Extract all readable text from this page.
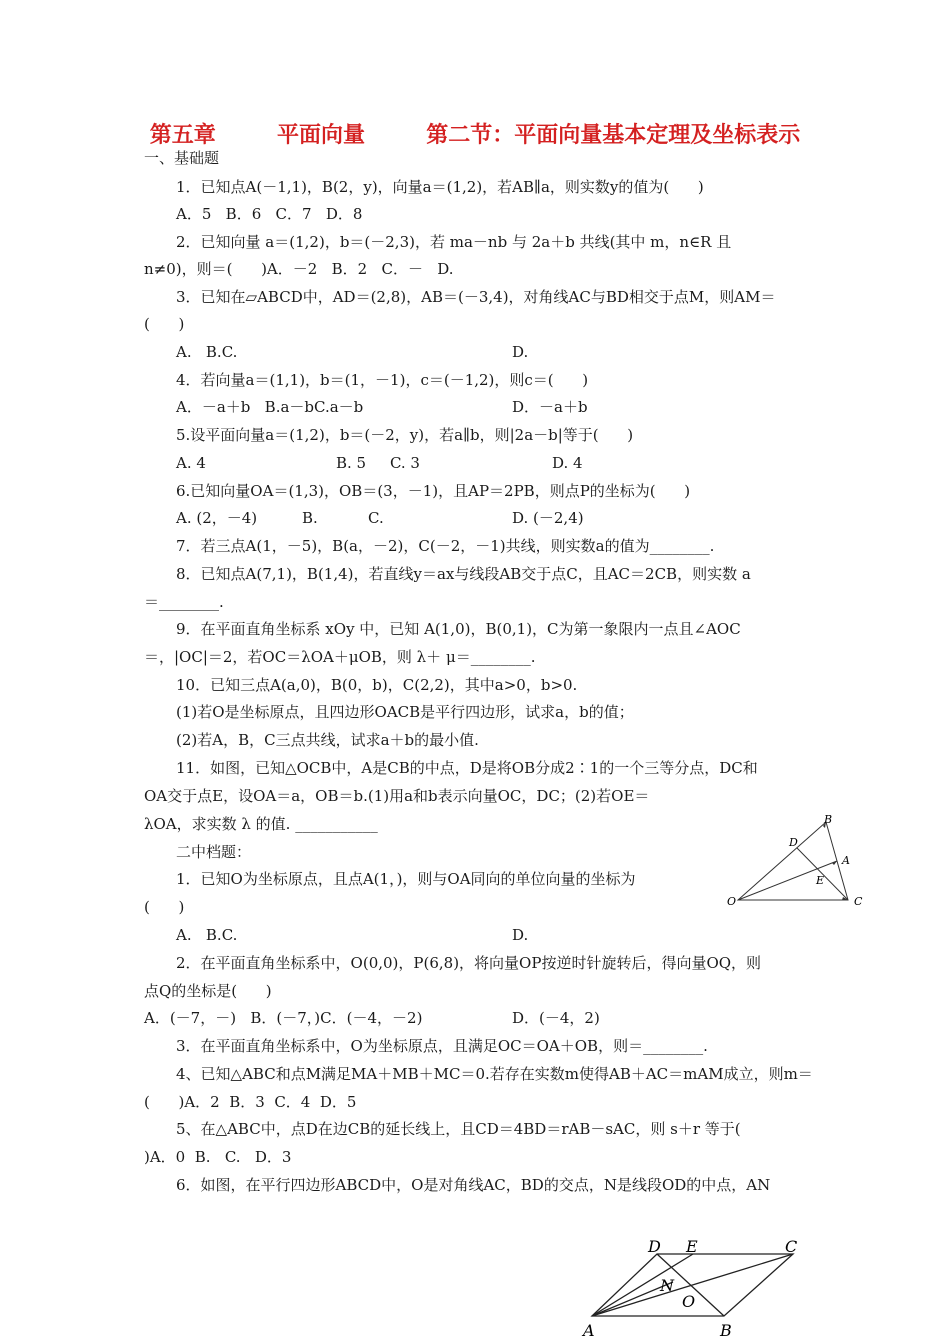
第五章        平面向量        第二节：平面向量基本定理及坐标表示
一、基础题
1．已知点A(－1,1)，B(2，y)，向量a＝(1,2)，若AB∥a，则实数y的值为(      )
A．5   B．6   C．7   D．8
2．已知向量 a＝(1,2)，b＝(－2,3)，若 ma－nb 与 2a＋b 共线(其中 m，n∈R 且
n≠0)，则＝(      )A．－2   B．2   C．－   D.
3．已知在▱ABCD中，AD＝(2,8)，AB＝(－3,4)，对角线AC与BD相交于点M，则AM＝
(      )
A.   B.C.	D.
4．若向量a＝(1,1)，b＝(1，－1)，c＝(－1,2)，则c＝(      )
A．－a＋b   B.a－bC.a－b	D．－a＋b
5.设平面向量a＝(1,2)，b＝(－2，y)，若a∥b，则|2a－b|等于(      )
A. 4	B. 5     C. 3	D. 4
6.已知向量OA＝(1,3)，OB＝(3，－1)，且AP＝2PB，则点P的坐标为(      )
A. (2，－4)	B.	C.	D. (－2,4)
7．若三点A(1，－5)，B(a，－2)，C(－2，－1)共线，则实数a的值为________.
8．已知点A(7,1)，B(1,4)，若直线y＝ax与线段AB交于点C，且AC＝2CB，则实数 a
＝________.
9．在平面直角坐标系 xOy 中，已知 A(1,0)，B(0,1)，C为第一象限内一点且∠AOC
＝，|OC|＝2，若OC＝λOA＋μOB，则 λ＋ μ＝________.
10．已知三点A(a,0)，B(0，b)，C(2,2)，其中a>0，b>0.
(1)若O是坐标原点，且四边形OACB是平行四边形，试求a，b的值；
(2)若A，B，C三点共线，试求a＋b的最小值.
11．如图，已知△OCB中，A是CB的中点，D是将OB分成2∶1的一个三等分点，DC和
OA交于点E，设OA＝a，OB＝b.(1)用a和b表示向量OC，DC；(2)若OE＝
λOA，求实数 λ 的值. ___________
二中档题：
1．已知O为坐标原点，且点A(1，)，则与OA同向的单位向量的坐标为
(      )
A.   B.C.	D.
2．在平面直角坐标系中，O(0,0)，P(6,8)，将向量OP按逆时针旋转后，得向量OQ，则
点Q的坐标是(      )
A．(－7，－)   B．(－7，)C．(－4，－2)	D．(－4，2)
3．在平面直角坐标系中，O为坐标原点，且满足OC＝OA＋OB，则＝________.
4、已知△ABC和点M满足MA＋MB＋MC＝0.若存在实数m使得AB＋AC＝mAM成立，则m＝
(      )A．2  B．3  C．4  D．5
5、在△ABC中，点D在边CB的延长线上，且CD＝4BD＝rAB－sAC，则 s＋r 等于(
)A．0  B.   C.   D．3
6．如图，在平行四边形ABCD中，O是对角线AC，BD的交点，N是线段OD的中点，AN
B
D
A
E
O	C
D E	C
N
O
A	B
